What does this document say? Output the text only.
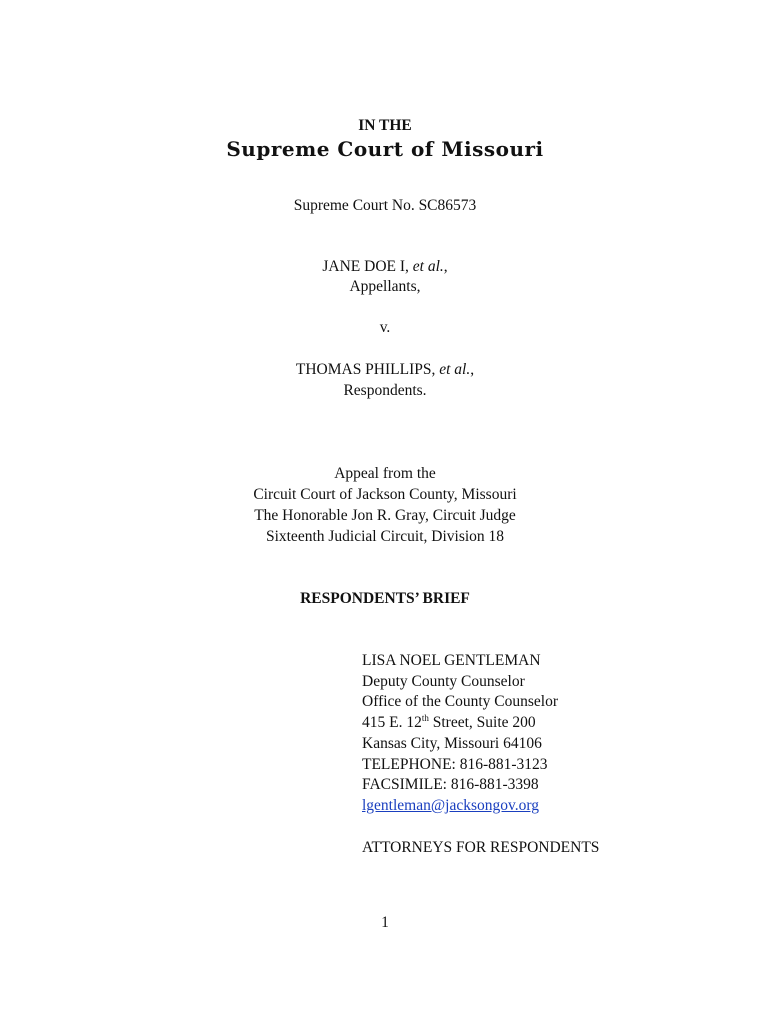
IN THE
Supreme Court of Missouri
Supreme Court No. SC86573
JANE DOE I, et al.,
Appellants,
v.
THOMAS PHILLIPS, et al.,
Respondents.
Appeal from the
Circuit Court of Jackson County, Missouri
The Honorable Jon R. Gray, Circuit Judge
Sixteenth Judicial Circuit, Division 18
RESPONDENTS’ BRIEF
LISA NOEL GENTLEMAN
Deputy County Counselor
Office of the County Counselor
415 E. 12th Street, Suite 200
Kansas City, Missouri 64106
TELEPHONE: 816-881-3123
FACSIMILE: 816-881-3398
lgentleman@jacksongov.org
ATTORNEYS FOR RESPONDENTS
1
